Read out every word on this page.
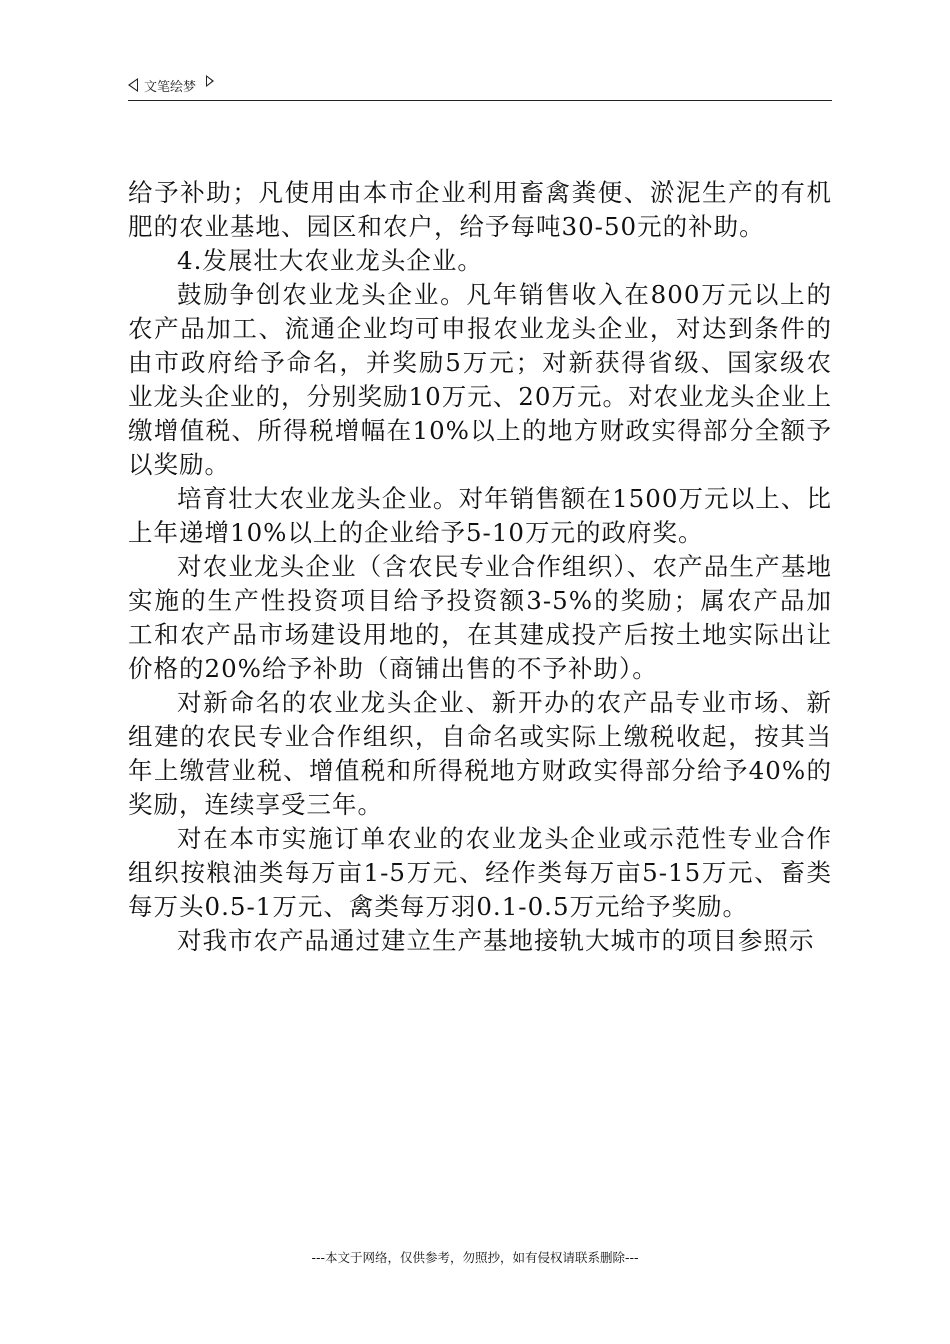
文笔绘梦

给予补助；凡使用由本市企业利用畜禽粪便、淤泥生产的有机肥的农业基地、园区和农户，给予每吨30-50元的补助。

4.发展壮大农业龙头企业。

鼓励争创农业龙头企业。凡年销售收入在800万元以上的农产品加工、流通企业均可申报农业龙头企业，对达到条件的由市政府给予命名，并奖励5万元；对新获得省级、国家级农业龙头企业的，分别奖励10万元、20万元。对农业龙头企业上缴增值税、所得税增幅在10%以上的地方财政实得部分全额予以奖励。

培育壮大农业龙头企业。对年销售额在1500万元以上、比上年递增10%以上的企业给予5-10万元的政府奖。

对农业龙头企业（含农民专业合作组织）、农产品生产基地实施的生产性投资项目给予投资额3-5%的奖励；属农产品加工和农产品市场建设用地的，在其建成投产后按土地实际出让价格的20%给予补助（商铺出售的不予补助）。

对新命名的农业龙头企业、新开办的农产品专业市场、新组建的农民专业合作组织，自命名或实际上缴税收起，按其当年上缴营业税、增值税和所得税地方财政实得部分给予40%的奖励，连续享受三年。

对在本市实施订单农业的农业龙头企业或示范性专业合作组织按粮油类每万亩1-5万元、经作类每万亩5-15万元、畜类每万头0.5-1万元、禽类每万羽0.1-0.5万元给予奖励。

对我市农产品通过建立生产基地接轨大城市的项目参照示

---本文于网络，仅供参考，勿照抄，如有侵权请联系删除---
